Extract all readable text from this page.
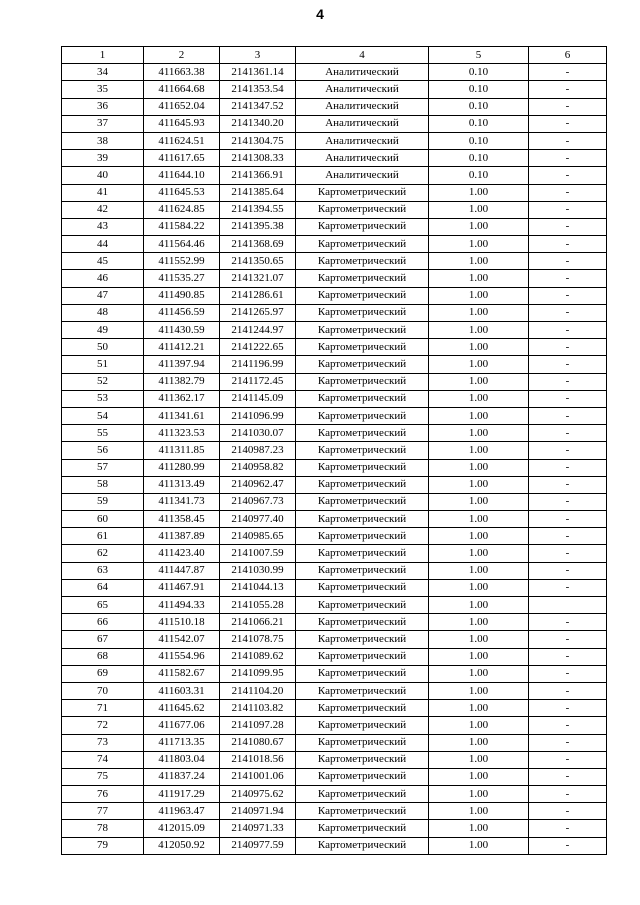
4
1	2	3	4	5	6
34	411663.38	2141361.14	Аналитический	0.10	-
35	411664.68	2141353.54	Аналитический	0.10	-
36	411652.04	2141347.52	Аналитический	0.10	-
37	411645.93	2141340.20	Аналитический	0.10	-
38	411624.51	2141304.75	Аналитический	0.10	-
39	411617.65	2141308.33	Аналитический	0.10	-
40	411644.10	2141366.91	Аналитический	0.10	-
41	411645.53	2141385.64	Картометрический	1.00	-
42	411624.85	2141394.55	Картометрический	1.00	-
43	411584.22	2141395.38	Картометрический	1.00	-
44	411564.46	2141368.69	Картометрический	1.00	-
45	411552.99	2141350.65	Картометрический	1.00	-
46	411535.27	2141321.07	Картометрический	1.00	-
47	411490.85	2141286.61	Картометрический	1.00	-
48	411456.59	2141265.97	Картометрический	1.00	-
49	411430.59	2141244.97	Картометрический	1.00	-
50	411412.21	2141222.65	Картометрический	1.00	-
51	411397.94	2141196.99	Картометрический	1.00	-
52	411382.79	2141172.45	Картометрический	1.00	-
53	411362.17	2141145.09	Картометрический	1.00	-
54	411341.61	2141096.99	Картометрический	1.00	-
55	411323.53	2141030.07	Картометрический	1.00	-
56	411311.85	2140987.23	Картометрический	1.00	-
57	411280.99	2140958.82	Картометрический	1.00	-
58	411313.49	2140962.47	Картометрический	1.00	-
59	411341.73	2140967.73	Картометрический	1.00	-
60	411358.45	2140977.40	Картометрический	1.00	-
61	411387.89	2140985.65	Картометрический	1.00	-
62	411423.40	2141007.59	Картометрический	1.00	-
63	411447.87	2141030.99	Картометрический	1.00	-
64	411467.91	2141044.13	Картометрический	1.00	-
65	411494.33	2141055.28	Картометрический	1.00	
66	411510.18	2141066.21	Картометрический	1.00	-
67	411542.07	2141078.75	Картометрический	1.00	-
68	411554.96	2141089.62	Картометрический	1.00	-
69	411582.67	2141099.95	Картометрический	1.00	-
70	411603.31	2141104.20	Картометрический	1.00	-
71	411645.62	2141103.82	Картометрический	1.00	-
72	411677.06	2141097.28	Картометрический	1.00	-
73	411713.35	2141080.67	Картометрический	1.00	-
74	411803.04	2141018.56	Картометрический	1.00	-
75	411837.24	2141001.06	Картометрический	1.00	-
76	411917.29	2140975.62	Картометрический	1.00	-
77	411963.47	2140971.94	Картометрический	1.00	-
78	412015.09	2140971.33	Картометрический	1.00	-
79	412050.92	2140977.59	Картометрический	1.00	-
